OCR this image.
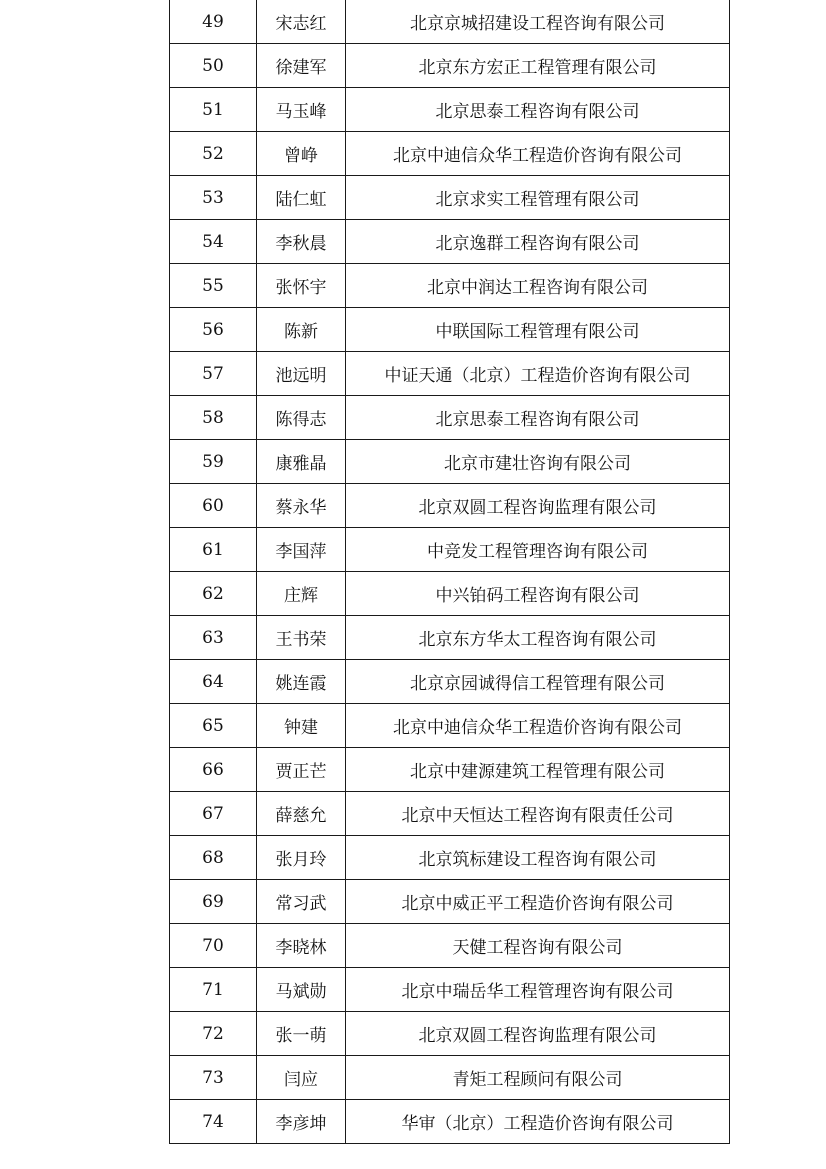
49	宋志红	北京京城招建设工程咨询有限公司
50	徐建军	北京东方宏正工程管理有限公司
51	马玉峰	北京思泰工程咨询有限公司
52	曾峥	北京中迪信众华工程造价咨询有限公司
53	陆仁虹	北京求实工程管理有限公司
54	李秋晨	北京逸群工程咨询有限公司
55	张怀宇	北京中润达工程咨询有限公司
56	陈新	中联国际工程管理有限公司
57	池远明	中证天通（北京）工程造价咨询有限公司
58	陈得志	北京思泰工程咨询有限公司
59	康雅晶	北京市建壮咨询有限公司
60	蔡永华	北京双圆工程咨询监理有限公司
61	李国萍	中竞发工程管理咨询有限公司
62	庄辉	中兴铂码工程咨询有限公司
63	王书荣	北京东方华太工程咨询有限公司
64	姚连霞	北京京园诚得信工程管理有限公司
65	钟建	北京中迪信众华工程造价咨询有限公司
66	贾正芒	北京中建源建筑工程管理有限公司
67	薛慈允	北京中天恒达工程咨询有限责任公司
68	张月玲	北京筑标建设工程咨询有限公司
69	常习武	北京中威正平工程造价咨询有限公司
70	李晓林	天健工程咨询有限公司
71	马斌勋	北京中瑞岳华工程管理咨询有限公司
72	张一萌	北京双圆工程咨询监理有限公司
73	闫应	青矩工程顾问有限公司
74	李彦坤	华审（北京）工程造价咨询有限公司
